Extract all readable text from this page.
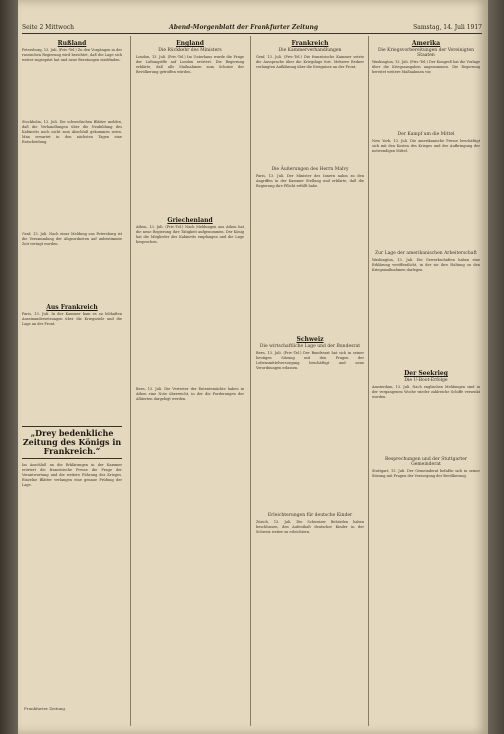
Seite 2 Mittwoch	Abend-Morgenblatt der Frankfurter Zeitung	Samstag, 14. Juli 1917
Rußland
Petersburg, 13. Juli. (Priv.-Tel.) Zu den Vorgängen in der russischen Regierung wird berichtet, daß die Lage sich weiter zugespitzt hat und neue Beratungen stattfinden.
Stockholm, 13. Juli. Die schwedischen Blätter melden, daß die Verhandlungen über die Neubildung des Kabinetts noch nicht zum Abschluß gekommen seien. Man erwartet in den nächsten Tagen eine Entscheidung.
Genf, 13. Juli. Nach einer Meldung aus Petersburg ist die Versammlung der Abgeordneten auf unbestimmte Zeit vertagt worden.
Aus Frankreich
Paris, 13. Juli. In der Kammer kam es zu lebhaften Auseinandersetzungen über die Kriegsziele und die Lage an der Front.
„Drey bedenkliche Zeitung des Königs in Frankreich.“
Im Anschluß an die Erklärungen in der Kammer erörtert die französische Presse die Frage der Verantwortung und die weitere Führung des Krieges. Einzelne Blätter verlangen eine genaue Prüfung der Lage.
England
Die Rückkehr des Ministers
London, 13. Juli. (Priv.-Tel.) Im Unterhaus wurde die Frage der Luftangriffe auf London erörtert. Die Regierung erklärte, daß alle Maßnahmen zum Schutze der Bevölkerung getroffen würden.
Griechenland
Athen, 13. Juli. (Priv.-Tel.) Nach Meldungen aus Athen hat die neue Regierung ihre Tätigkeit aufgenommen. Der König hat die Mitglieder des Kabinetts empfangen und die Lage besprochen.
Bern, 13. Juli. Die Vertreter der Ententemächte haben in Athen eine Note überreicht, in der die Forderungen der Alliierten dargelegt werden.
Frankreich
Die Kammerverhandlungen
Genf, 13. Juli. (Priv.-Tel.) Die französische Kammer setzte die Aussprache über die Kriegslage fort. Mehrere Redner verlangten Aufklärung über die Ereignisse an der Front.
Die Äußerungen des Herrn Malvy
Paris, 13. Juli. Der Minister des Innern nahm zu den Angriffen in der Kammer Stellung und erklärte, daß die Regierung ihre Pflicht erfüllt habe.
Schweiz
Die wirtschaftliche Lage und der Bundesrat
Bern, 13. Juli. (Priv.-Tel.) Der Bundesrat hat sich in seiner heutigen Sitzung mit den Fragen der Lebensmittelversorgung beschäftigt und neue Verordnungen erlassen.
Erleichterungen für deutsche Kinder
Zürich, 13. Juli. Die Schweizer Behörden haben beschlossen, den Aufenthalt deutscher Kinder in der Schweiz weiter zu erleichtern.
Amerika
Die Kriegsvorbereitungen der Vereinigten Staaten
Washington, 13. Juli. (Priv.-Tel.) Der Kongreß hat die Vorlage über die Kriegsausgaben angenommen. Die Regierung bereitet weitere Maßnahmen vor.
Der Kampf um die Mittel
New York, 13. Juli. Die amerikanische Presse beschäftigt sich mit den Kosten des Krieges und der Aufbringung der notwendigen Mittel.
Zur Lage der amerikanischen Arbeiterschaft
Washington, 13. Juli. Die Gewerkschaften haben eine Erklärung veröffentlicht, in der sie ihre Haltung zu den Kriegsmaßnahmen darlegen.
Der Seekrieg
Die U-Boot-Erfolge
Amsterdam, 13. Juli. Nach englischen Meldungen sind in der vergangenen Woche wieder zahlreiche Schiffe versenkt worden.
Besprechungen und der Stuttgarter Gemeinderat
Stuttgart, 13. Juli. Der Gemeinderat befaßte sich in seiner Sitzung mit Fragen der Versorgung der Bevölkerung.
Frankfurter Zeitung
